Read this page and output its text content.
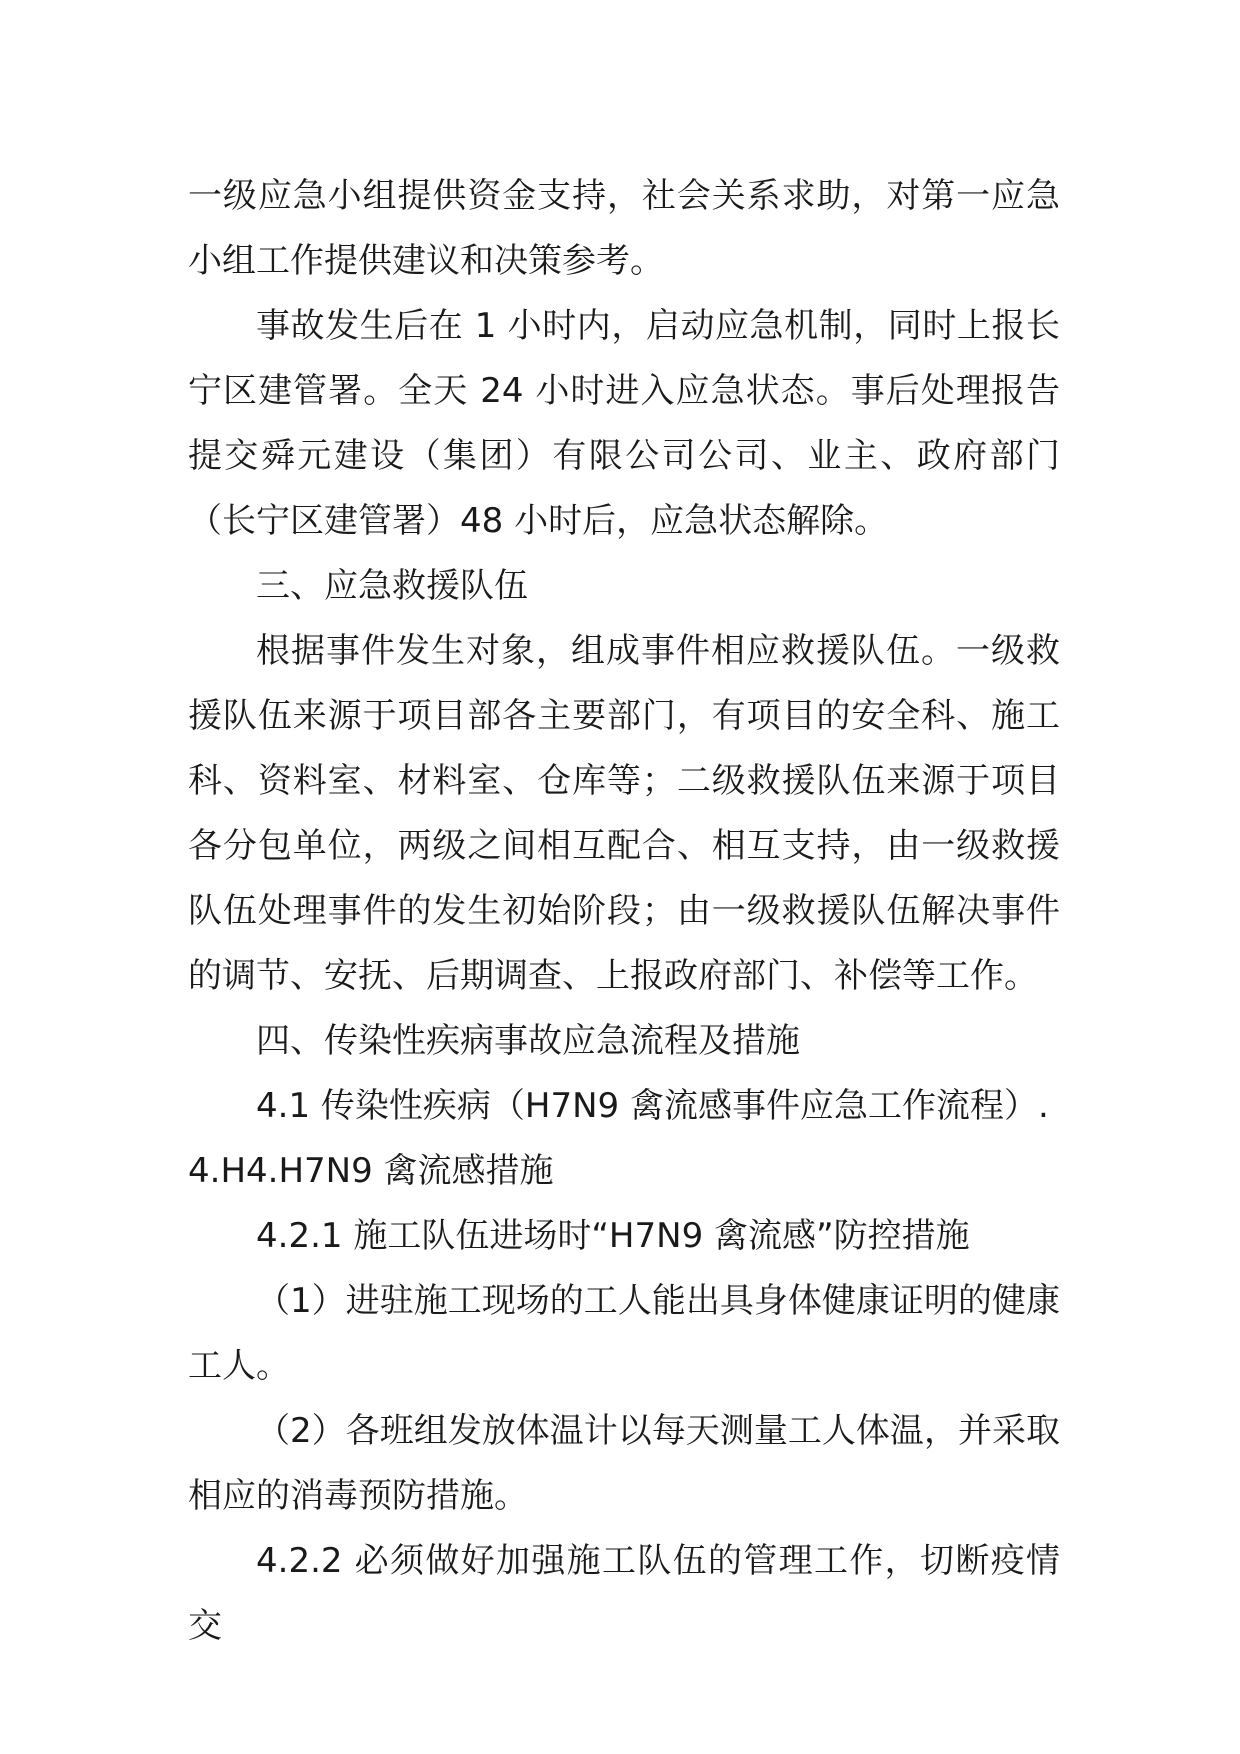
一级应急小组提供资金支持，社会关系求助，对第一应急小组工作提供建议和决策参考。

事故发生后在 1 小时内，启动应急机制，同时上报长宁区建管署。全天 24 小时进入应急状态。事后处理报告提交舜元建设（集团）有限公司公司、业主、政府部门（长宁区建管署）48 小时后，应急状态解除。

三、应急救援队伍

根据事件发生对象，组成事件相应救援队伍。一级救援队伍来源于项目部各主要部门，有项目的安全科、施工科、资料室、材料室、仓库等；二级救援队伍来源于项目各分包单位，两级之间相互配合、相互支持，由一级救援队伍处理事件的发生初始阶段；由一级救援队伍解决事件的调节、安抚、后期调查、上报政府部门、补偿等工作。

四、传染性疾病事故应急流程及措施

4.1 传染性疾病（H7N9 禽流感事件应急工作流程）.

4.H4.H7N9 禽流感措施

4.2.1 施工队伍进场时“H7N9 禽流感”防控措施

（1）进驻施工现场的工人能出具身体健康证明的健康工人。

（2）各班组发放体温计以每天测量工人体温，并采取相应的消毒预防措施。

4.2.2 必须做好加强施工队伍的管理工作，切断疫情交
